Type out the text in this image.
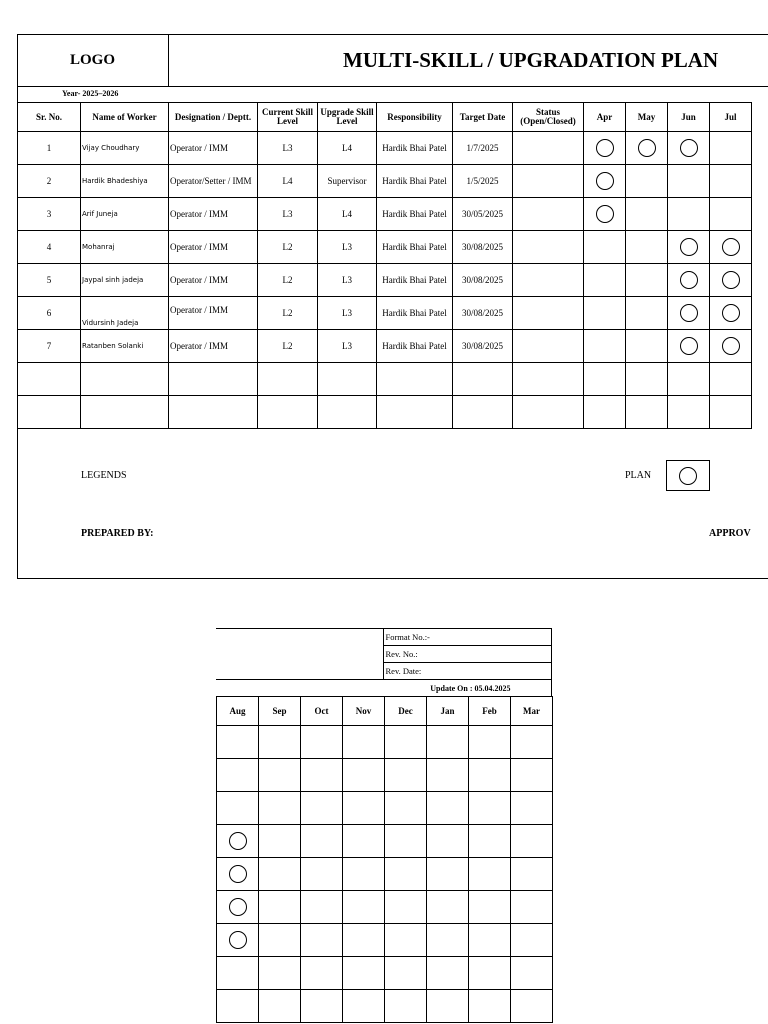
LOGO	MULTI-SKILL / UPGRADATION PLAN
Year- 2025–2026
Sr. No.	Name of Worker	Designation / Deptt.	Current Skill Level	Upgrade Skill Level	Responsibility	Target Date	Status (Open/Closed)	Apr	May	Jun	Jul
1	Vijay Choudhary	Operator / IMM	L3	L4	Hardik Bhai Patel	1/7/2025					
2	Hardik Bhadeshiya	Operator/Setter / IMM	L4	Supervisor	Hardik Bhai Patel	1/5/2025					
3	Arif Juneja	Operator / IMM	L3	L4	Hardik Bhai Patel	30/05/2025					
4	Mohanraj	Operator / IMM	L2	L3	Hardik Bhai Patel	30/08/2025					
5	Jaypal sinh jadeja	Operator / IMM	L2	L3	Hardik Bhai Patel	30/08/2025					
6	Vidursinh Jadeja	Operator / IMM	L2	L3	Hardik Bhai Patel	30/08/2025					
7	Ratanben Solanki	Operator / IMM	L2	L3	Hardik Bhai Patel	30/08/2025					

LEGENDS	PLAN
PREPARED BY:	APPROV
	Format No.:-
Rev. No.:
Rev. Date:
Update On : 05.04.2025
Aug	Sep	Oct	Nov	Dec	Jan	Feb	Mar
